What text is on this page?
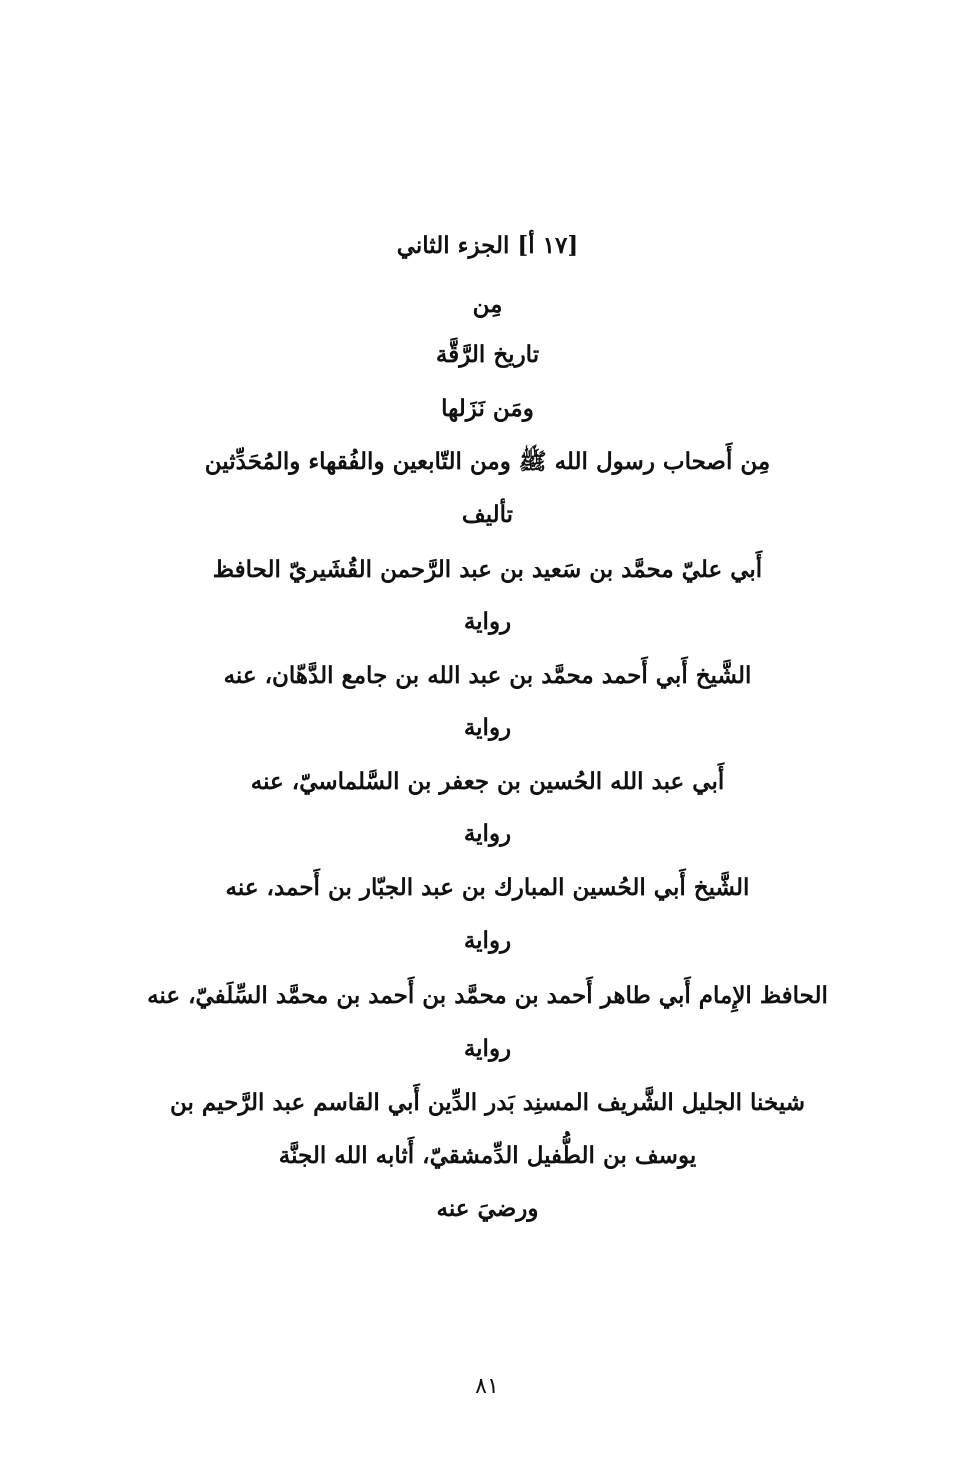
[١٧ أ] الجزء الثاني
مِن
تاريخ الرَّقَّة
ومَن نَزَلها
مِن أَصحاب رسول الله ﷺ ومن التّابعين والفُقهاء والمُحَدِّثين
تأليف
أَبي عليّ محمَّد بن سَعيد بن عبد الرَّحمن القُشَيريّ الحافظ
رواية
الشَّيخ أَبي أَحمد محمَّد بن عبد الله بن جامع الدَّهّان، عنه
رواية
أَبي عبد الله الحُسين بن جعفر بن السَّلماسيّ، عنه
رواية
الشَّيخ أَبي الحُسين المبارك بن عبد الجبّار بن أَحمد، عنه
رواية
الحافظ الإِمام أَبي طاهر أَحمد بن محمَّد بن أَحمد بن محمَّد السِّلَفيّ، عنه
رواية
شيخنا الجليل الشَّريف المسنِد بَدر الدِّين أَبي القاسم عبد الرَّحيم بن
يوسف بن الطُّفيل الدِّمشقيّ، أَثابه الله الجنَّة
ورضيَ عنه
٨١
